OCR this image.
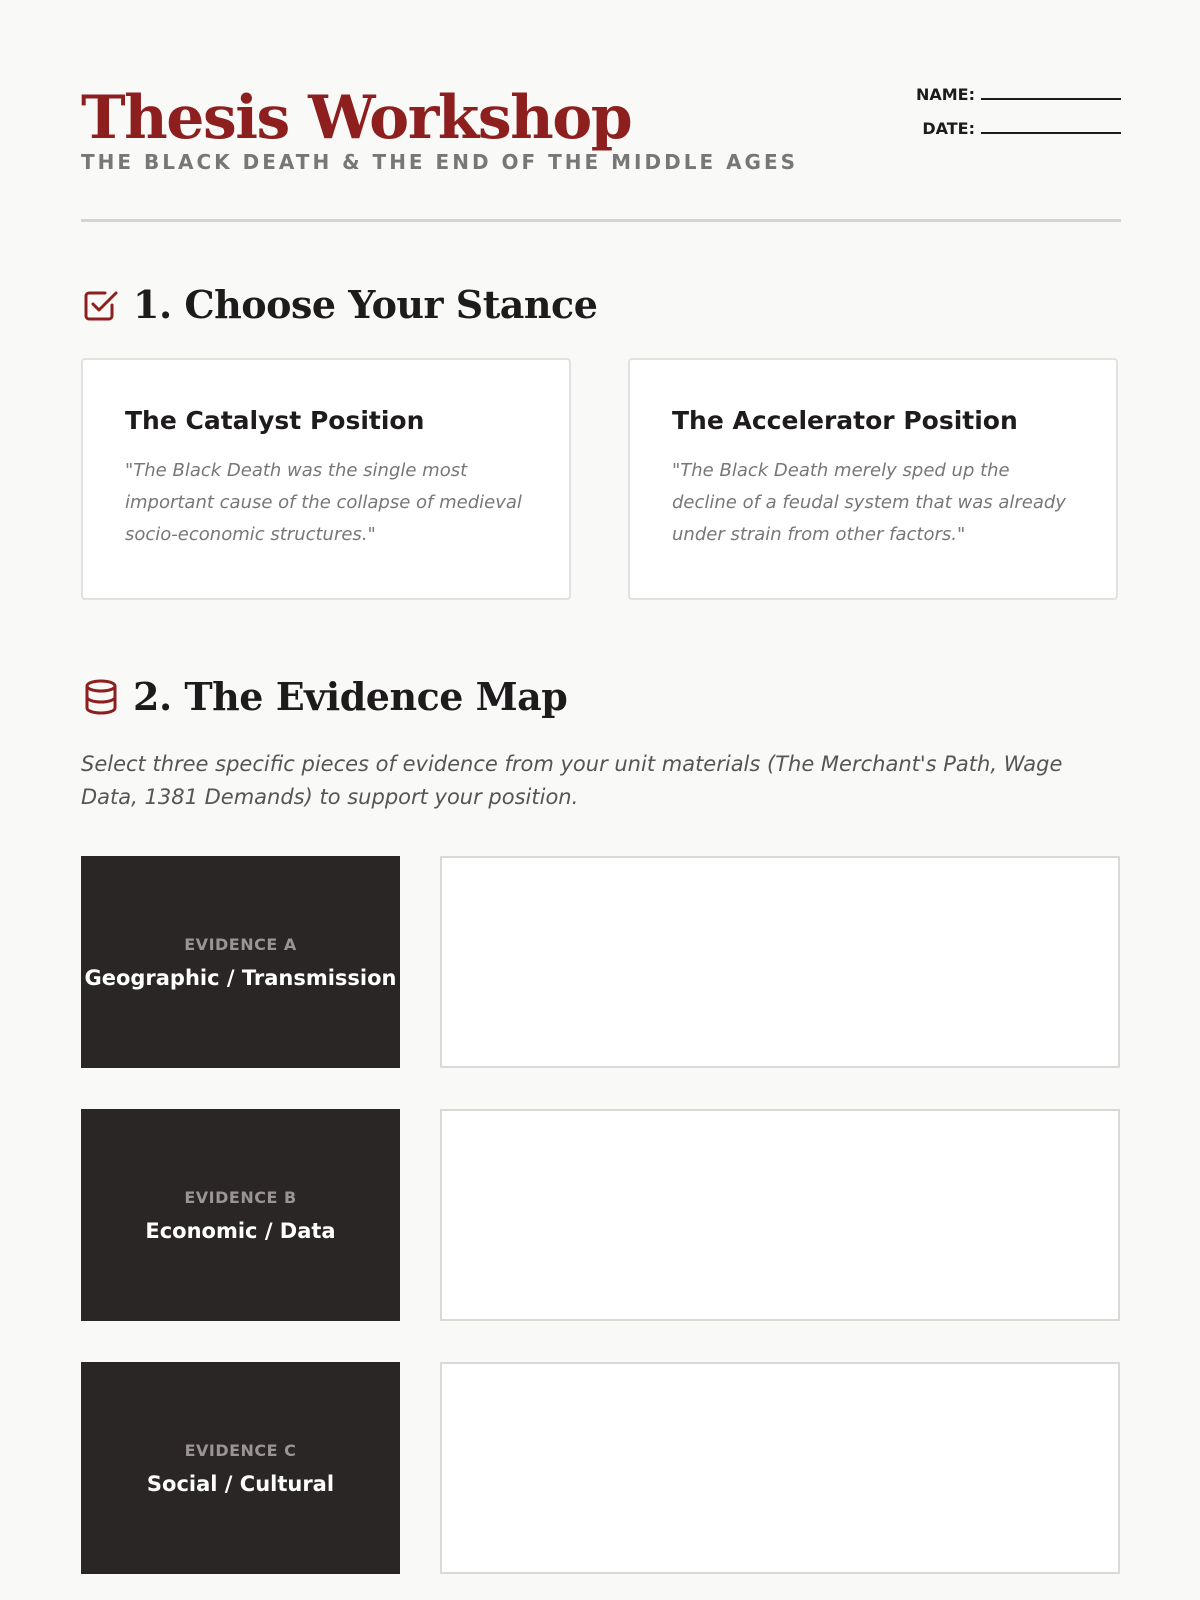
Thesis Workshop
THE BLACK DEATH & THE END OF THE MIDDLE AGES
NAME:
DATE:
1. Choose Your Stance
The Catalyst Position
"The Black Death was the single most important cause of the collapse of medieval socio-economic structures."
The Accelerator Position
"The Black Death merely sped up the decline of a feudal system that was already under strain from other factors."
2. The Evidence Map
Select three specific pieces of evidence from your unit materials (The Merchant's Path, Wage Data, 1381 Demands) to support your position.
EVIDENCE A
Geographic / Transmission
EVIDENCE B
Economic / Data
EVIDENCE C
Social / Cultural
